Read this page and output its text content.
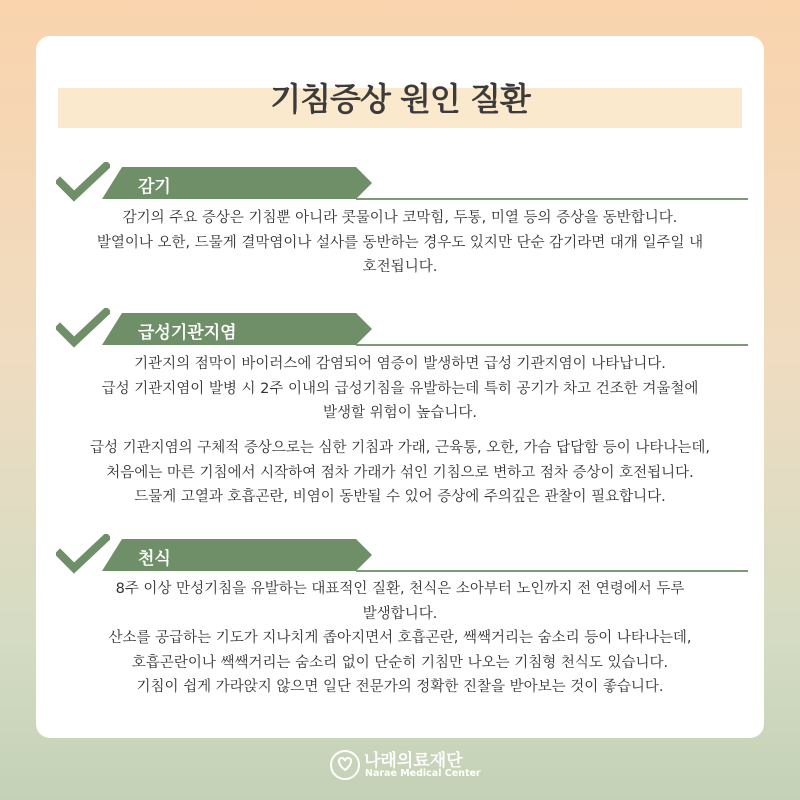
기침증상 원인 질환
감기
감기의 주요 증상은 기침뿐 아니라 콧물이나 코막힘, 두통, 미열 등의 증상을 동반합니다.
발열이나 오한, 드물게 결막염이나 설사를 동반하는 경우도 있지만 단순 감기라면 대개 일주일 내
호전됩니다.
급성기관지염
기관지의 점막이 바이러스에 감염되어 염증이 발생하면 급성 기관지염이 나타납니다.
급성 기관지염이 발병 시 2주 이내의 급성기침을 유발하는데 특히 공기가 차고 건조한 겨울철에
발생할 위험이 높습니다.
급성 기관지염의 구체적 증상으로는 심한 기침과 가래, 근육통, 오한, 가슴 답답함 등이 나타나는데,
처음에는 마른 기침에서 시작하여 점차 가래가 섞인 기침으로 변하고 점차 증상이 호전됩니다.
드물게 고열과 호흡곤란, 비염이 동반될 수 있어 증상에 주의깊은 관찰이 필요합니다.
천식
8주 이상 만성기침을 유발하는 대표적인 질환, 천식은 소아부터 노인까지 전 연령에서 두루
발생합니다.
산소를 공급하는 기도가 지나치게 좁아지면서 호흡곤란, 쌕쌕거리는 숨소리 등이 나타나는데,
호흡곤란이나 쌕쌕거리는 숨소리 없이 단순히 기침만 나오는 기침형 천식도 있습니다.
기침이 쉽게 가라앉지 않으면 일단 전문가의 정확한 진찰을 받아보는 것이 좋습니다.
나래의료재단
Narae Medical Center
